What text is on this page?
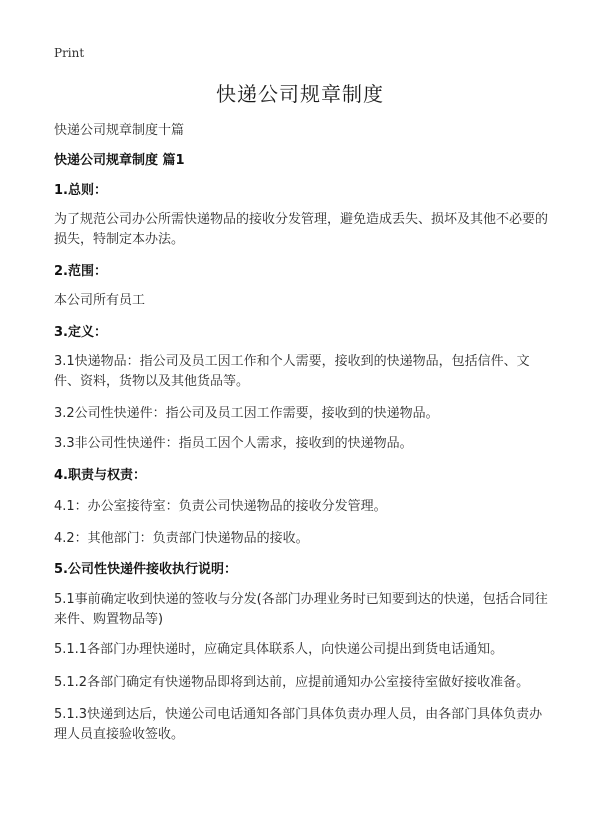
Print
快递公司规章制度
快递公司规章制度十篇
快递公司规章制度 篇1
1.总则：
为了规范公司办公所需快递物品的接收分发管理，避免造成丢失、损坏及其他不必要的损失，特制定本办法。
2.范围：
本公司所有员工
3.定义：
3.1快递物品：指公司及员工因工作和个人需要，接收到的快递物品，包括信件、文件、资料，货物以及其他货品等。
3.2公司性快递件：指公司及员工因工作需要，接收到的快递物品。
3.3非公司性快递件：指员工因个人需求，接收到的快递物品。
4.职责与权责：
4.1：办公室接待室：负责公司快递物品的接收分发管理。
4.2：其他部门：负责部门快递物品的接收。
5.公司性快递件接收执行说明：
5.1事前确定收到快递的签收与分发(各部门办理业务时已知要到达的快递，包括合同往来件、购置物品等)
5.1.1各部门办理快递时，应确定具体联系人，向快递公司提出到货电话通知。
5.1.2各部门确定有快递物品即将到达前，应提前通知办公室接待室做好接收准备。
5.1.3快递到达后，快递公司电话通知各部门具体负责办理人员，由各部门具体负责办理人员直接验收签收。
